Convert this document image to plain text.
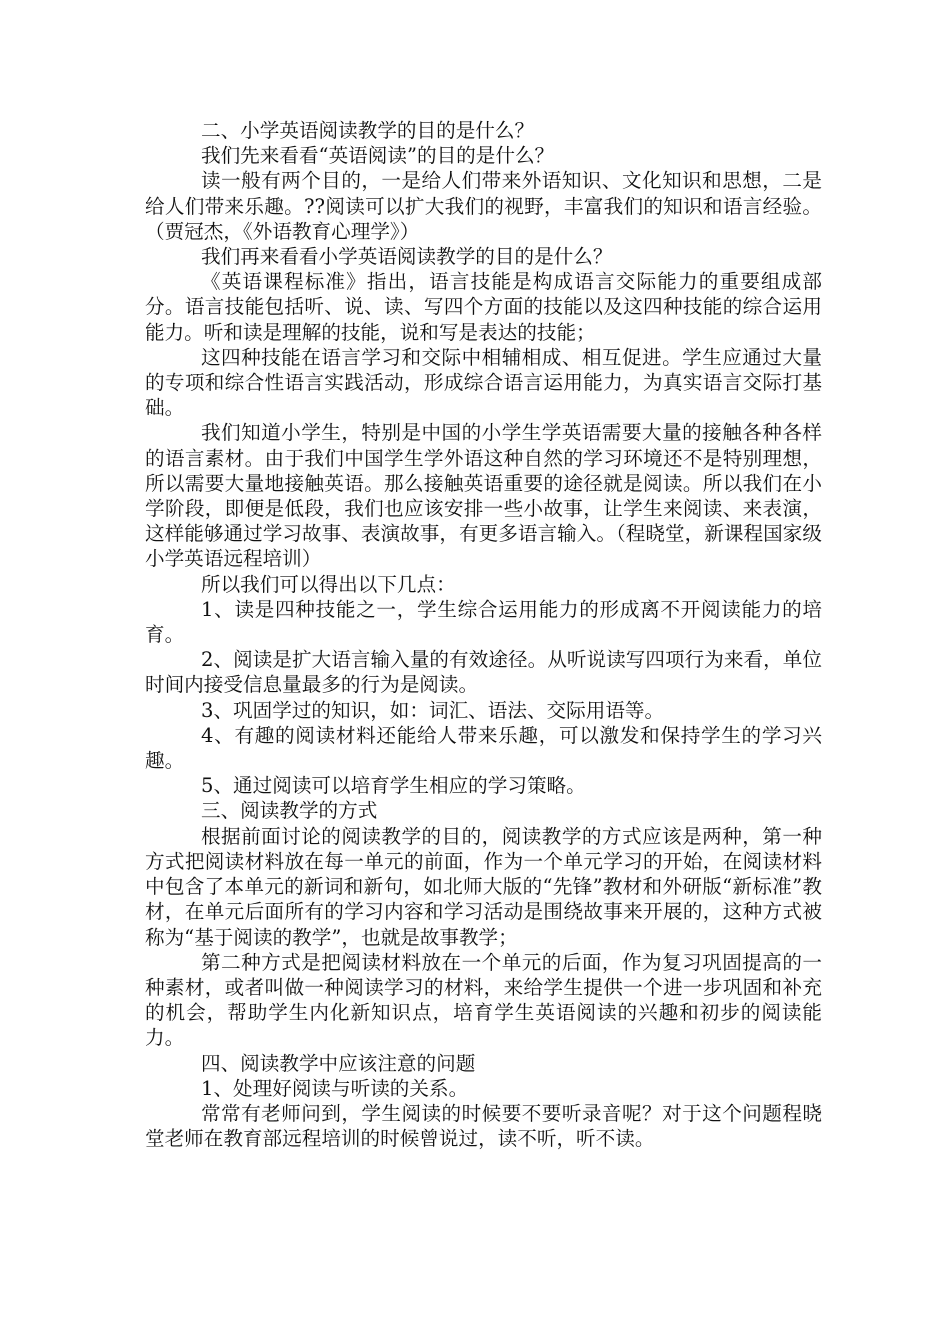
二、小学英语阅读教学的目的是什么？

我们先来看看“英语阅读”的目的是什么？

读一般有两个目的，一是给人们带来外语知识、文化知识和思想，二是给人们带来乐趣。??阅读可以扩大我们的视野，丰富我们的知识和语言经验。（贾冠杰，《外语教育心理学》）

我们再来看看小学英语阅读教学的目的是什么？

《英语课程标准》指出，语言技能是构成语言交际能力的重要组成部分。语言技能包括听、说、读、写四个方面的技能以及这四种技能的综合运用能力。听和读是理解的技能，说和写是表达的技能；

这四种技能在语言学习和交际中相辅相成、相互促进。学生应通过大量的专项和综合性语言实践活动，形成综合语言运用能力，为真实语言交际打基础。

我们知道小学生，特别是中国的小学生学英语需要大量的接触各种各样的语言素材。由于我们中国学生学外语这种自然的学习环境还不是特别理想，所以需要大量地接触英语。那么接触英语重要的途径就是阅读。所以我们在小学阶段，即便是低段，我们也应该安排一些小故事，让学生来阅读、来表演，这样能够通过学习故事、表演故事，有更多语言输入。（程晓堂，新课程国家级小学英语远程培训）

所以我们可以得出以下几点：

1、读是四种技能之一，学生综合运用能力的形成离不开阅读能力的培育。

2、阅读是扩大语言输入量的有效途径。从听说读写四项行为来看，单位时间内接受信息量最多的行为是阅读。

3、巩固学过的知识，如：词汇、语法、交际用语等。

4、有趣的阅读材料还能给人带来乐趣，可以激发和保持学生的学习兴趣。

5、通过阅读可以培育学生相应的学习策略。

三、阅读教学的方式

根据前面讨论的阅读教学的目的，阅读教学的方式应该是两种，第一种方式把阅读材料放在每一单元的前面，作为一个单元学习的开始，在阅读材料中包含了本单元的新词和新句，如北师大版的“先锋”教材和外研版“新标准”教材，在单元后面所有的学习内容和学习活动是围绕故事来开展的，这种方式被称为“基于阅读的教学”，也就是故事教学；

第二种方式是把阅读材料放在一个单元的后面，作为复习巩固提高的一种素材，或者叫做一种阅读学习的材料，来给学生提供一个进一步巩固和补充的机会，帮助学生内化新知识点，培育学生英语阅读的兴趣和初步的阅读能力。

四、阅读教学中应该注意的问题

1、处理好阅读与听读的关系。

常常有老师问到，学生阅读的时候要不要听录音呢？对于这个问题程晓堂老师在教育部远程培训的时候曾说过，读不听，听不读。
